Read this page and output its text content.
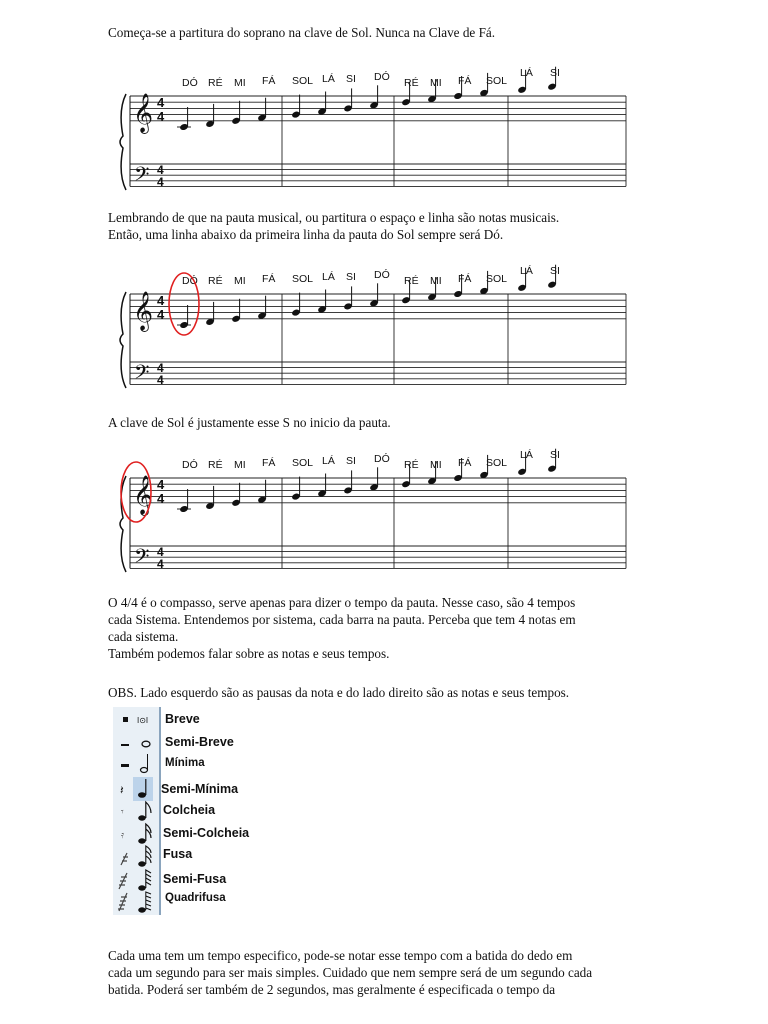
Começa-se a partitura do soprano na clave de Sol. Nunca na Clave de Fá.

𝄞
𝄢
4
4
4
4
DÓ RÉ MI FÁ SOL LÁ SI DÓ RÉ MI FÁ SOL
LÁ SI

Lembrando de que na pauta musical, ou partitura o espaço e linha são notas musicais.
Então, uma linha abaixo da primeira linha da pauta do Sol sempre será Dó.

𝄞
𝄢
4
4
4
4
DÓ RÉ MI FÁ SOL LÁ SI DÓ RÉ MI FÁ SOL
LÁ SI

A clave de Sol é justamente esse S no inicio da pauta.

𝄞
𝄢
4
4
4
4
DÓ RÉ MI FÁ SOL LÁ SI DÓ RÉ MI FÁ SOL
LÁ SI

O 4/4 é o compasso, serve apenas para dizer o tempo da pauta. Nesse caso, são 4 tempos
cada Sistema. Entendemos por sistema, cada barra na pauta. Perceba que tem 4 notas em
cada sistema.
Também podemos falar sobre as notas e seus tempos.

OBS. Lado esquerdo são as pausas da nota e do lado direito são as notas e seus tempos.

I⊙I
𝄽
𝄾
𝄿
Breve
Semi-Breve
Mínima
Semi-Mínima
Colcheia
Semi-Colcheia
Fusa
Semi-Fusa
Quadrifusa

Cada uma tem um tempo especifico, pode-se notar esse tempo com a batida do dedo em
cada um segundo para ser mais simples. Cuidado que nem sempre será de um segundo cada
batida. Poderá ser também de 2 segundos, mas geralmente é especificada o tempo da
